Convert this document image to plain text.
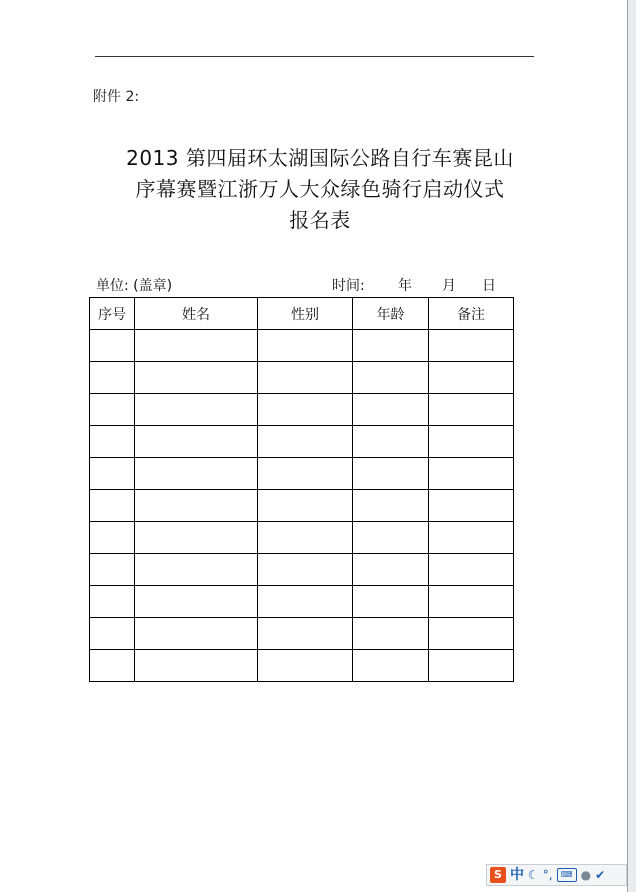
附件 2:
2013 第四届环太湖国际公路自行车赛昆山
序幕赛暨江浙万人大众绿色骑行启动仪式
报名表
单位: (盖章)	时间: 年 月 日
序号	姓名	性别	年龄	备注

S 中 ☾ °,	⌨ ● ✔
